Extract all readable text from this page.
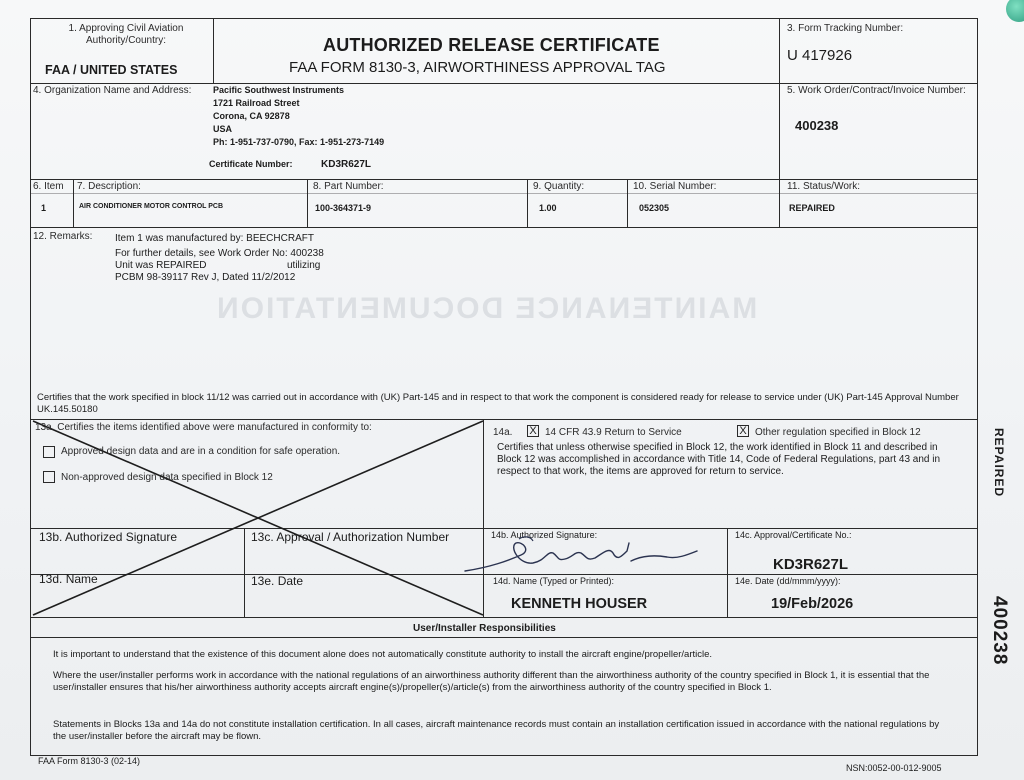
MAINTENANCE DOCUMENTATION
1. Approving Civil Aviation Authority/Country:
FAA / UNITED STATES
AUTHORIZED RELEASE CERTIFICATE
FAA FORM 8130-3, AIRWORTHINESS APPROVAL TAG
3. Form Tracking Number:
U 417926
4. Organization Name and Address: Pacific Southwest Instruments
1721 Railroad Street
Corona, CA 92878
USA
Ph: 1-951-737-0790, Fax: 1-951-273-7149
Certificate Number:	KD3R627L
5. Work Order/Contract/Invoice Number:
400238
6. Item 7. Description:	8. Part Number:	9. Quantity:	10. Serial Number:	11. Status/Work:
1	AIR CONDITIONER MOTOR CONTROL PCB	100-364371-9	1.00	052305	REPAIRED
12. Remarks: Item 1 was manufactured by: BEECHCRAFT
For further details, see Work Order No: 400238
Unit was REPAIRED	utilizing
PCBM 98-39117 Rev J, Dated 11/2/2012
Certifies that the work specified in block 11/12 was carried out in accordance with (UK) Part-145 and in respect to that work the component is considered ready for release to service under (UK) Part-145 Approval Number UK.145.50180
13a. Certifies the items identified above were manufactured in conformity to:
Approved design data and are in a condition for safe operation.
Non-approved design data specified in Block 12
13b. Authorized Signature	13c. Approval / Authorization Number
13d. Name	13e. Date
14a. X 14 CFR 43.9 Return to Service	X Other regulation specified in Block 12
Certifies that unless otherwise specified in Block 12, the work identified in Block 11 and described in Block 12 was accomplished in accordance with Title 14, Code of Federal Regulations, part 43 and in respect to that work, the items are approved for return to service.
14b. Authorized Signature:	14c. Approval/Certificate No.:
KD3R627L
14d. Name (Typed or Printed):
KENNETH HOUSER
14e. Date (dd/mmm/yyyy):
19/Feb/2026
User/Installer Responsibilities
It is important to understand that the existence of this document alone does not automatically constitute authority to install the aircraft engine/propeller/article.
Where the user/installer performs work in accordance with the national regulations of an airworthiness authority different than the airworthiness authority of the country specified in Block 1, it is essential that the user/installer ensures that his/her airworthiness authority accepts aircraft engine(s)/propeller(s)/article(s) from the airworthiness authority of the country specified in Block 1.
Statements in Blocks 13a and 14a do not constitute installation certification. In all cases, aircraft maintenance records must contain an installation certification issued in accordance with the national regulations by the user/installer before the aircraft may be flown.
FAA Form 8130-3 (02-14)
NSN:0052-00-012-9005
REPAIRED
400238
